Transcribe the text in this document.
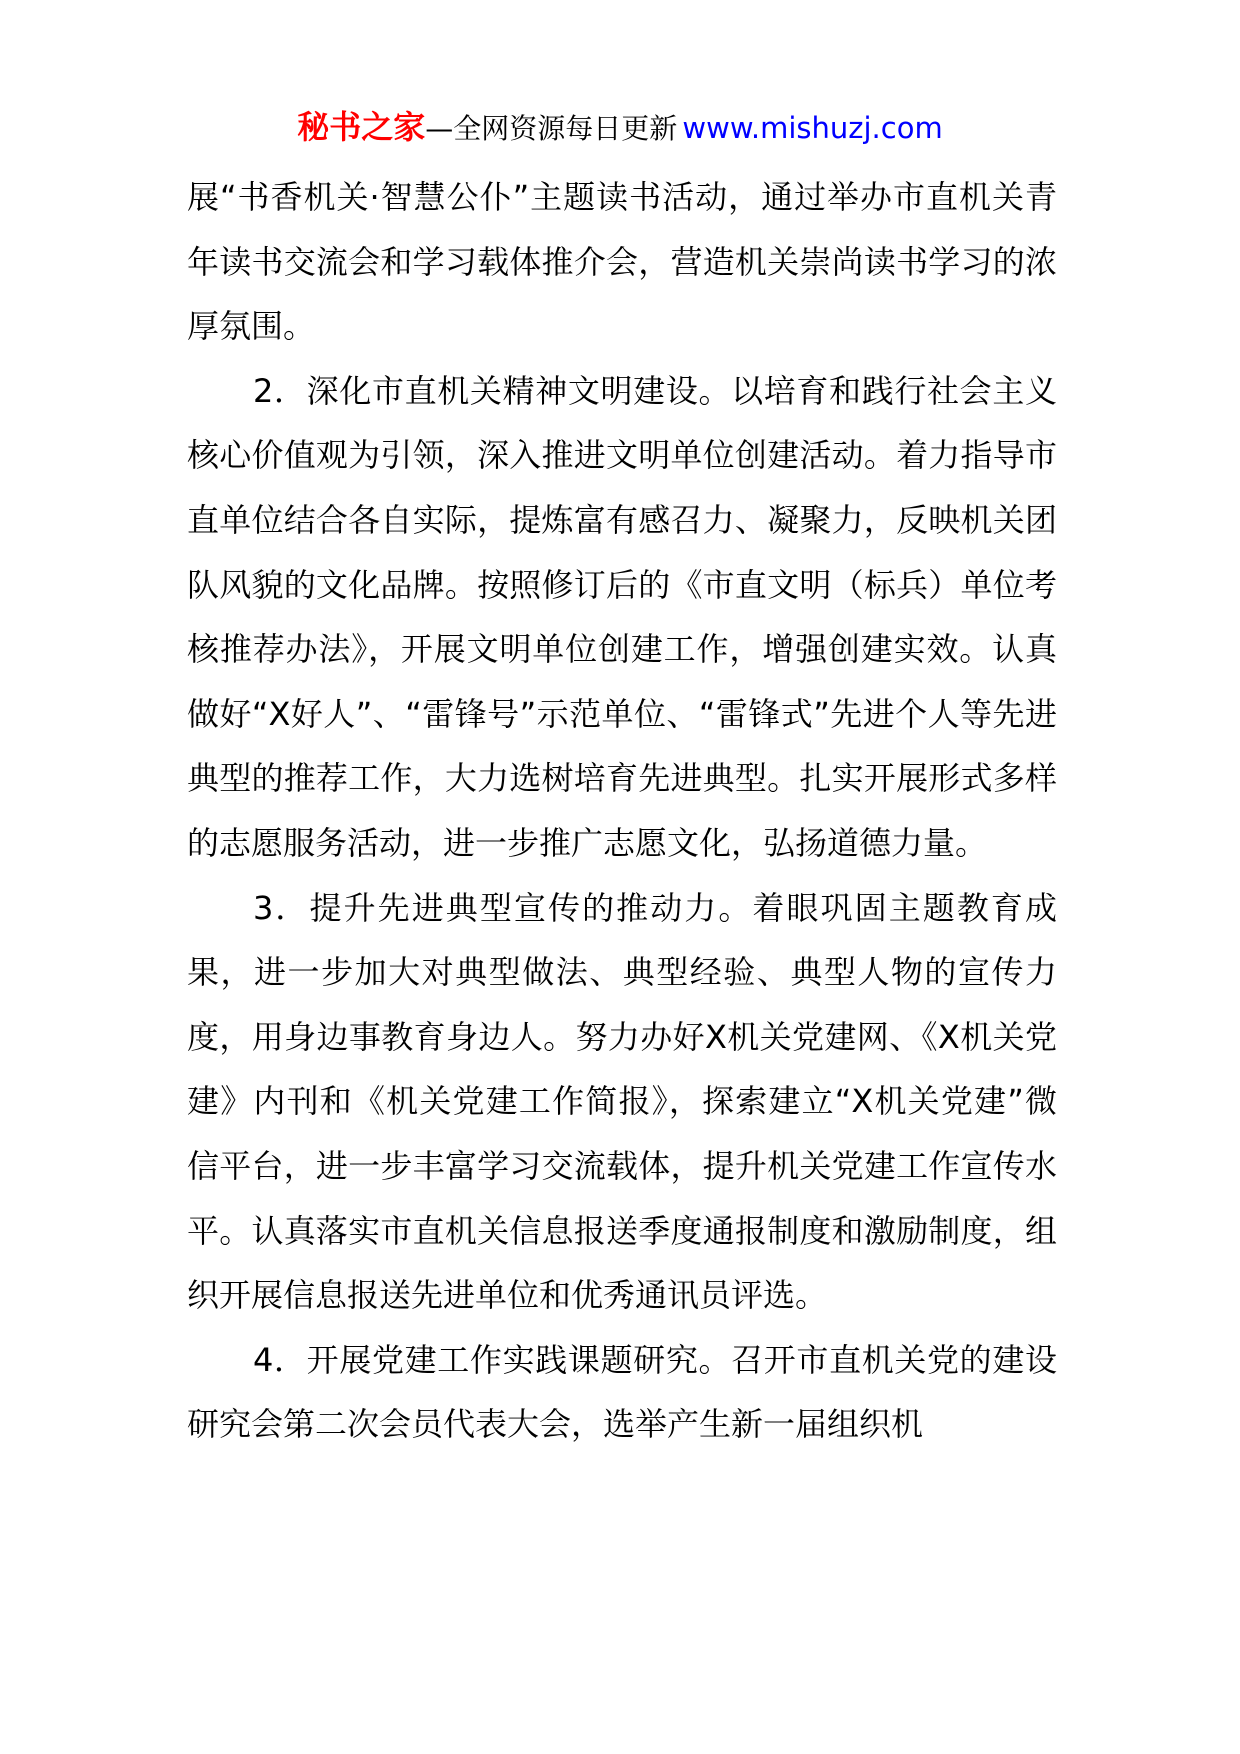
秘书之家—全网资源每日更新 www.mishuzj.com

展“书香机关·智慧公仆”主题读书活动，通过举办市直机关青年读书交流会和学习载体推介会，营造机关崇尚读书学习的浓厚氛围。

2．深化市直机关精神文明建设。以培育和践行社会主义核心价值观为引领，深入推进文明单位创建活动。着力指导市直单位结合各自实际，提炼富有感召力、凝聚力，反映机关团队风貌的文化品牌。按照修订后的《市直文明（标兵）单位考核推荐办法》，开展文明单位创建工作，增强创建实效。认真做好“X好人”、“雷锋号”示范单位、“雷锋式”先进个人等先进典型的推荐工作，大力选树培育先进典型。扎实开展形式多样的志愿服务活动，进一步推广志愿文化，弘扬道德力量。

3．提升先进典型宣传的推动力。着眼巩固主题教育成果，进一步加大对典型做法、典型经验、典型人物的宣传力度，用身边事教育身边人。努力办好X机关党建网、《X机关党建》内刊和《机关党建工作简报》，探索建立“X机关党建”微信平台，进一步丰富学习交流载体，提升机关党建工作宣传水平。认真落实市直机关信息报送季度通报制度和激励制度，组织开展信息报送先进单位和优秀通讯员评选。

4．开展党建工作实践课题研究。召开市直机关党的建设研究会第二次会员代表大会，选举产生新一届组织机
